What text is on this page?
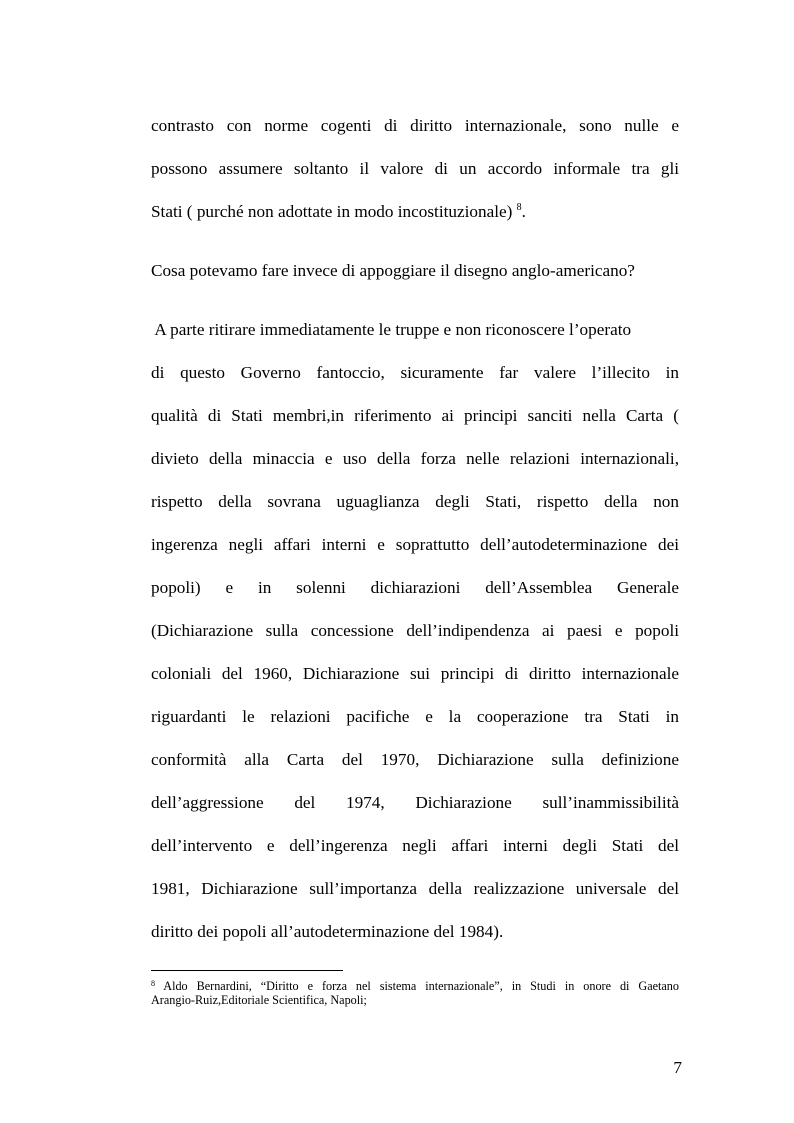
contrasto con norme cogenti di diritto internazionale, sono nulle e
possono assumere soltanto il valore di un accordo informale tra gli
Stati ( purché non adottate in modo incostituzionale) $^8$.
Cosa potevamo fare invece di appoggiare il disegno anglo-americano?
A parte ritirare immediatamente le truppe e non riconoscere l’operato
di questo Governo fantoccio, sicuramente far valere l’illecito in
qualità di Stati membri,in riferimento ai principi sanciti nella Carta (
divieto della minaccia e uso della forza nelle relazioni internazionali,
rispetto della sovrana uguaglianza degli Stati, rispetto della non
ingerenza negli affari interni e soprattutto dell’autodeterminazione dei
popoli) e in solenni dichiarazioni dell’Assemblea Generale
(Dichiarazione sulla concessione dell’indipendenza ai paesi e popoli
coloniali del 1960, Dichiarazione sui principi di diritto internazionale
riguardanti le relazioni pacifiche e la cooperazione tra Stati in
conformità alla Carta del 1970, Dichiarazione sulla definizione
dell’aggressione del 1974, Dichiarazione sull’inammissibilità
dell’intervento e dell’ingerenza negli affari interni degli Stati del
1981, Dichiarazione sull’importanza della realizzazione universale del
diritto dei popoli all’autodeterminazione del 1984).
$^8$ Aldo Bernardini, “Diritto e forza nel sistema internazionale”, in Studi in onore di Gaetano
Arangio-Ruiz,Editoriale Scientifica, Napoli;
7
